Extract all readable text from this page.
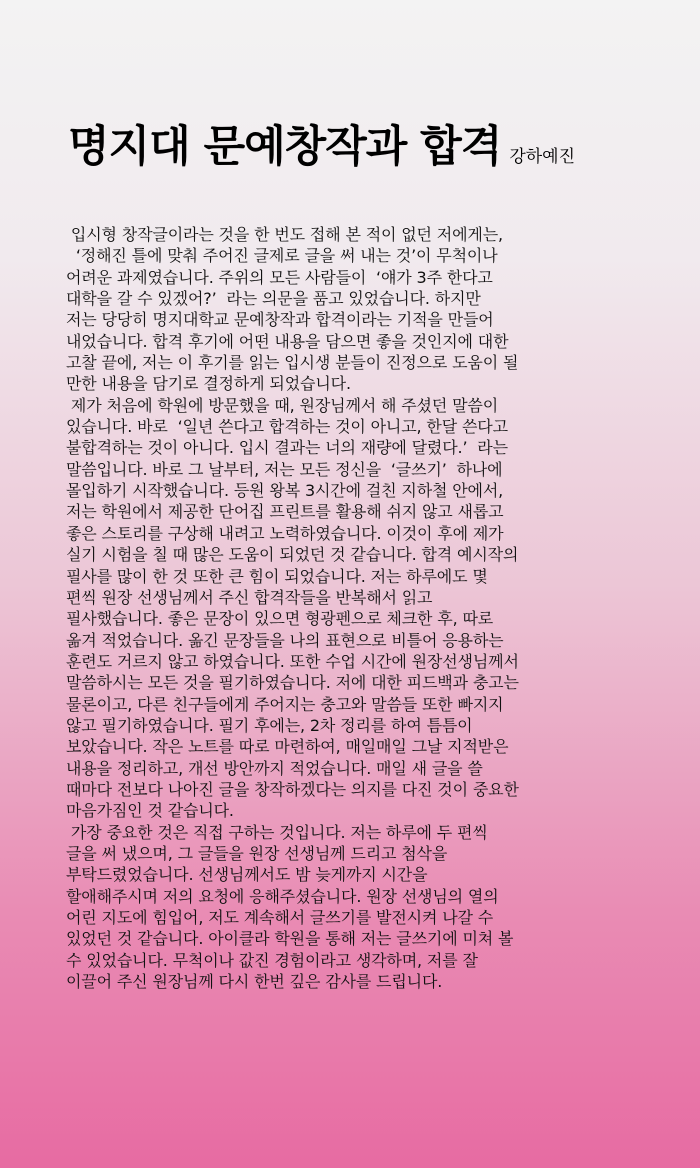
명지대 문예창작과 합격 강하예진
입시형 창작글이라는 것을 한 번도 접해 본 적이 없던 저에게는,
‘정해진 틀에 맞춰 주어진 글제로 글을 써 내는 것’이 무척이나
어려운 과제였습니다. 주위의 모든 사람들이  ‘얘가 3주 한다고
대학을 갈 수 있겠어?’  라는 의문을 품고 있었습니다. 하지만
저는 당당히 명지대학교 문예창작과 합격이라는 기적을 만들어
내었습니다. 합격 후기에 어떤 내용을 담으면 좋을 것인지에 대한
고찰 끝에, 저는 이 후기를 읽는 입시생 분들이 진정으로 도움이 될
만한 내용을 담기로 결정하게 되었습니다.
제가 처음에 학원에 방문했을 때, 원장님께서 해 주셨던 말씀이
있습니다. 바로  ‘일년 쓴다고 합격하는 것이 아니고, 한달 쓴다고
불합격하는 것이 아니다. 입시 결과는 너의 재량에 달렸다.’  라는
말씀입니다. 바로 그 날부터, 저는 모든 정신을  ‘글쓰기’  하나에
몰입하기 시작했습니다. 등원 왕복 3시간에 걸친 지하철 안에서,
저는 학원에서 제공한 단어집 프린트를 활용해 쉬지 않고 새롭고
좋은 스토리를 구상해 내려고 노력하였습니다. 이것이 후에 제가
실기 시험을 칠 때 많은 도움이 되었던 것 같습니다. 합격 예시작의
필사를 많이 한 것 또한 큰 힘이 되었습니다. 저는 하루에도 몇
편씩 원장 선생님께서 주신 합격작들을 반복해서 읽고
필사했습니다. 좋은 문장이 있으면 형광펜으로 체크한 후, 따로
옮겨 적었습니다. 옮긴 문장들을 나의 표현으로 비틀어 응용하는
훈련도 거르지 않고 하였습니다. 또한 수업 시간에 원장선생님께서
말씀하시는 모든 것을 필기하였습니다. 저에 대한 피드백과 충고는
물론이고, 다른 친구들에게 주어지는 충고와 말씀들 또한 빠지지
않고 필기하였습니다. 필기 후에는, 2차 정리를 하여 틈틈이
보았습니다. 작은 노트를 따로 마련하여, 매일매일 그날 지적받은
내용을 정리하고, 개선 방안까지 적었습니다. 매일 새 글을 쓸
때마다 전보다 나아진 글을 창작하겠다는 의지를 다진 것이 중요한
마음가짐인 것 같습니다.
가장 중요한 것은 직접 구하는 것입니다. 저는 하루에 두 편씩
글을 써 냈으며, 그 글들을 원장 선생님께 드리고 첨삭을
부탁드렸었습니다. 선생님께서도 밤 늦게까지 시간을
할애해주시며 저의 요청에 응해주셨습니다. 원장 선생님의 열의
어린 지도에 힘입어, 저도 계속해서 글쓰기를 발전시켜 나갈 수
있었던 것 같습니다. 아이클라 학원을 통해 저는 글쓰기에 미쳐 볼
수 있었습니다. 무척이나 값진 경험이라고 생각하며, 저를 잘
이끌어 주신 원장님께 다시 한번 깊은 감사를 드립니다.
